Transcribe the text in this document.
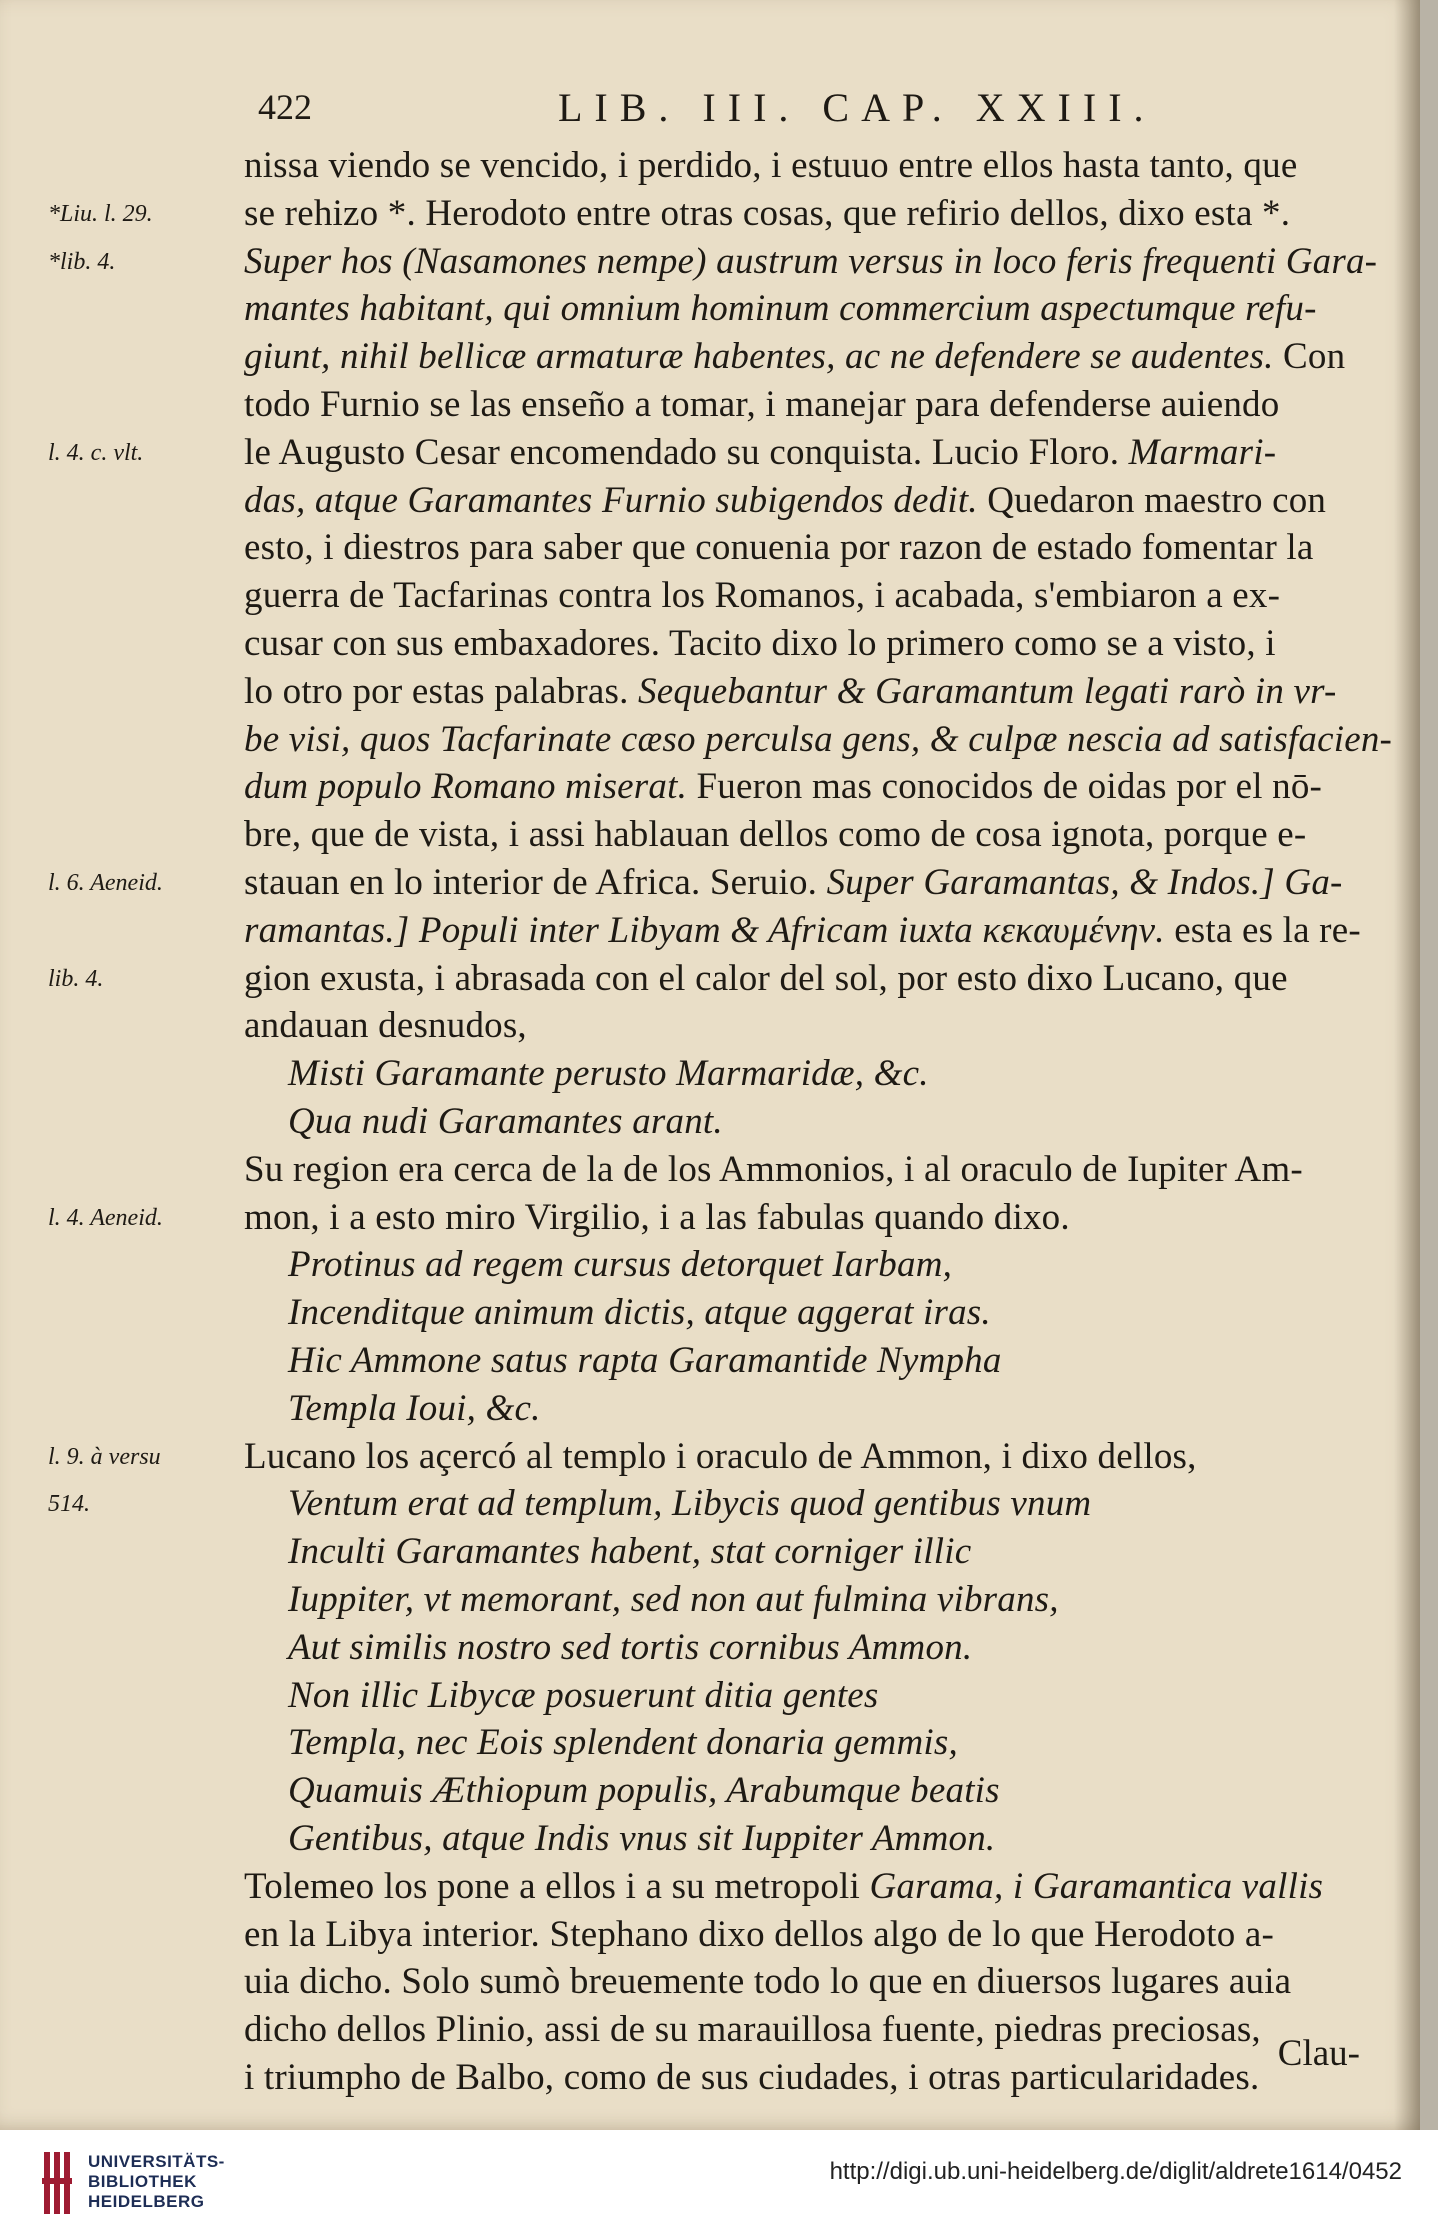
422	LIB. III. CAP. XXIII.
nissa viendo se vencido, i perdido, i estuuo entre ellos hasta tanto, que
se rehizo *. Herodoto entre otras cosas, que refirio dellos, dixo esta *.
Super hos (Nasamones nempe) austrum versus in loco feris frequenti Gara-
mantes habitant, qui omnium hominum commercium aspectumque refu-
giunt, nihil bellicæ armaturæ habentes, ac ne defendere se audentes. Con
todo Furnio se las enseño a tomar, i manejar para defenderse auiendo
le Augusto Cesar encomendado su conquista. Lucio Floro. Marmari-
das, atque Garamantes Furnio subigendos dedit. Quedaron maestro con
esto, i diestros para saber que conuenia por razon de estado fomentar la
guerra de Tacfarinas contra los Romanos, i acabada, s'embiaron a ex-
cusar con sus embaxadores. Tacito dixo lo primero como se a visto, i
lo otro por estas palabras. Sequebantur & Garamantum legati rarò in vr-
be visi, quos Tacfarinate cæso perculsa gens, & culpæ nescia ad satisfacien-
dum populo Romano miserat. Fueron mas conocidos de oidas por el nō-
bre, que de vista, i assi hablauan dellos como de cosa ignota, porque e-
stauan en lo interior de Africa. Seruio. Super Garamantas, & Indos.] Ga-
ramantas.] Populi inter Libyam & Africam iuxta κεκαυμένην. esta es la re-
gion exusta, i abrasada con el calor del sol, por esto dixo Lucano, que
andauan desnudos,
Misti Garamante perusto Marmaridæ, &c.
Qua nudi Garamantes arant.
Su region era cerca de la de los Ammonios, i al oraculo de Iupiter Am-
mon, i a esto miro Virgilio, i a las fabulas quando dixo.
Protinus ad regem cursus detorquet Iarbam,
Incenditque animum dictis, atque aggerat iras.
Hic Ammone satus rapta Garamantide Nympha
Templa Ioui, &c.
Lucano los açercó al templo i oraculo de Ammon, i dixo dellos,
Ventum erat ad templum, Libycis quod gentibus vnum
Inculti Garamantes habent, stat corniger illic
Iuppiter, vt memorant, sed non aut fulmina vibrans,
Aut similis nostro sed tortis cornibus Ammon.
Non illic Libycæ posuerunt ditia gentes
Templa, nec Eois splendent donaria gemmis,
Quamuis Æthiopum populis, Arabumque beatis
Gentibus, atque Indis vnus sit Iuppiter Ammon.
Tolemeo los pone a ellos i a su metropoli Garama, i Garamantica vallis
en la Libya interior. Stephano dixo dellos algo de lo que Herodoto a-
uia dicho. Solo sumò breuemente todo lo que en diuersos lugares auia
dicho dellos Plinio, assi de su marauillosa fuente, piedras preciosas,
i triumpho de Balbo, como de sus ciudades, i otras particularidades.
*Liu. l. 29.
*lib. 4.
l. 4. c. vlt.
l. 6. Aeneid.
lib. 4.
l. 4. Aeneid.
l. 9. à versu
514.
Clau-
UNIVERSITÄTS-
BIBLIOTHEK
HEIDELBERG
http://digi.ub.uni-heidelberg.de/diglit/aldrete1614/0452
